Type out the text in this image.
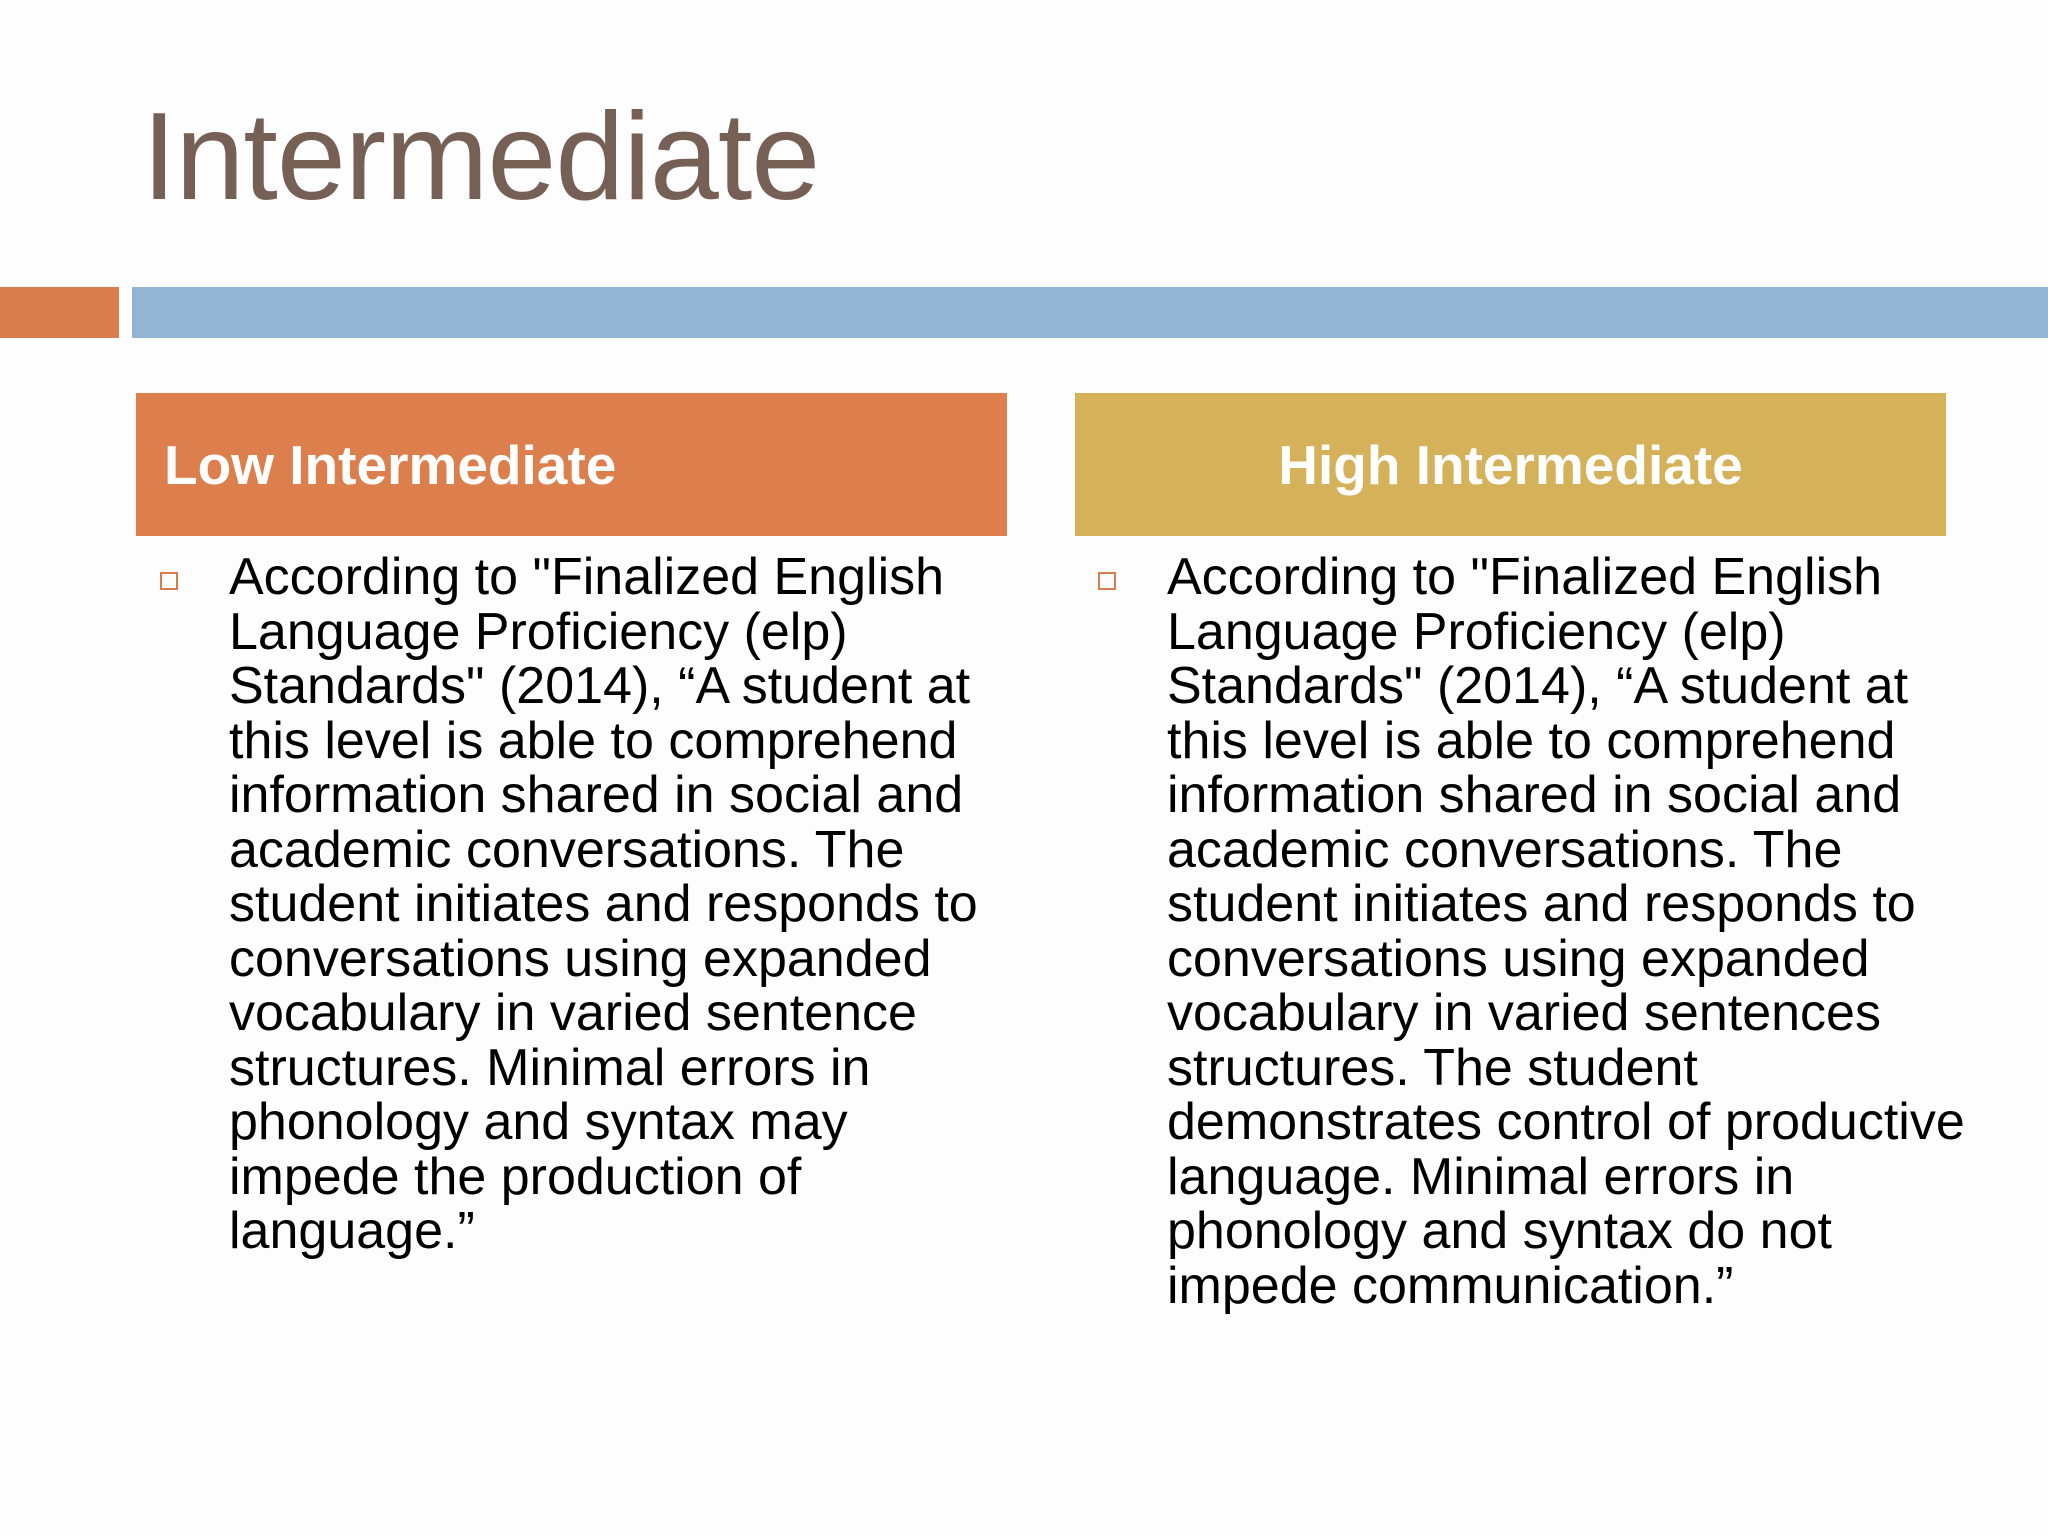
Intermediate
Low Intermediate	High Intermediate

According to "Finalized English Language Proficiency (elp) Standards" (2014), “A student at this level is able to comprehend information shared in social and academic conversations. The student initiates and responds to conversations using expanded vocabulary in varied sentence structures. Minimal errors in phonology and syntax may impede the production of language.”

According to "Finalized English Language Proficiency (elp) Standards" (2014), “A student at this level is able to comprehend information shared in social and academic conversations. The student initiates and responds to conversations using expanded vocabulary in varied sentences structures. The student demonstrates control of productive language. Minimal errors in phonology and syntax do not impede communication.”
